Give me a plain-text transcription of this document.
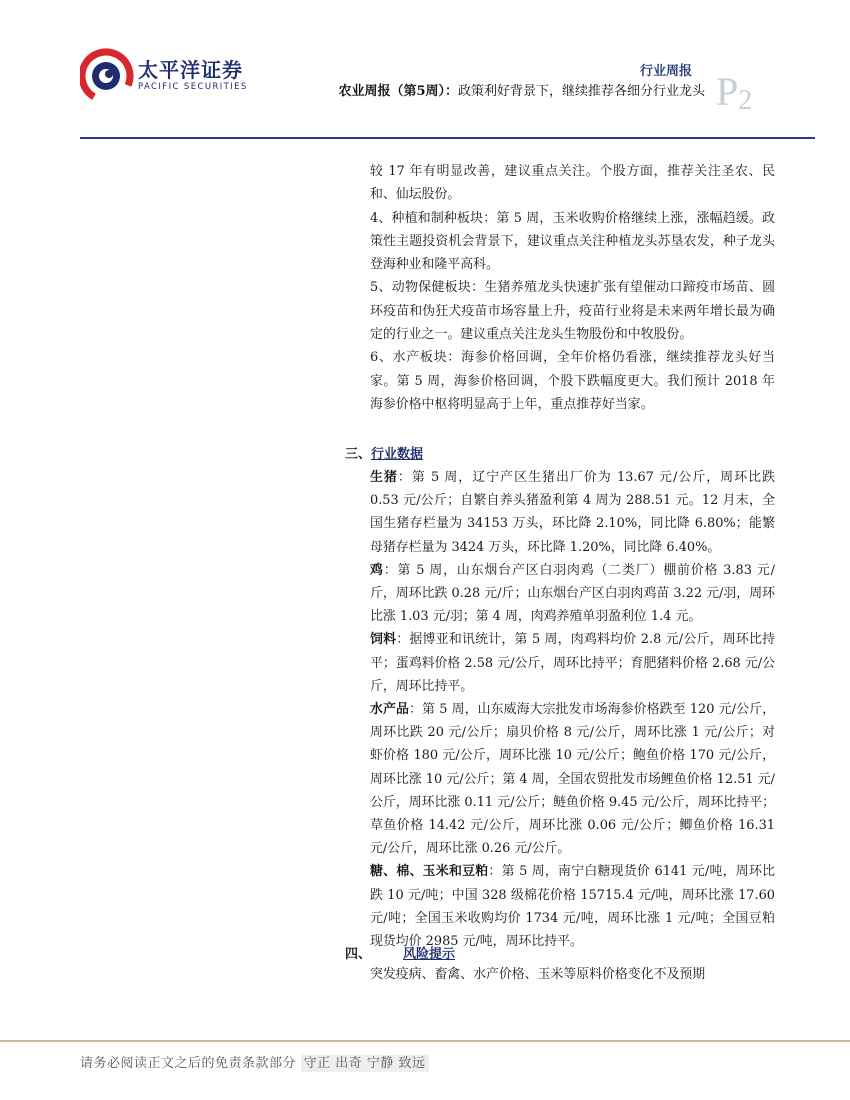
太平洋证券
PACIFIC SECURITIES
行业周报
农业周报（第5周）：政策利好背景下，继续推荐各细分行业龙头 $P_2$

较 17 年有明显改善，建议重点关注。个股方面，推荐关注圣农、民和、仙坛股份。

4、种植和制种板块：第 5 周，玉米收购价格继续上涨，涨幅趋缓。政策性主题投资机会背景下，建议重点关注种植龙头苏垦农发，种子龙头登海种业和隆平高科。

5、动物保健板块：生猪养殖龙头快速扩张有望催动口蹄疫市场苗、圆环疫苗和伪狂犬疫苗市场容量上升，疫苗行业将是未来两年增长最为确定的行业之一。建议重点关注龙头生物股份和中牧股份。

6、水产板块：海参价格回调，全年价格仍看涨，继续推荐龙头好当家。第 5 周，海参价格回调，个股下跌幅度更大。我们预计 2018 年海参价格中枢将明显高于上年，重点推荐好当家。

三、行业数据

生猪：第 5 周，辽宁产区生猪出厂价为 13.67 元/公斤，周环比跌 0.53 元/公斤；自繁自养头猪盈利第 4 周为 288.51 元。12 月末，全国生猪存栏量为 34153 万头，环比降 2.10%，同比降 6.80%；能繁母猪存栏量为 3424 万头，环比降 1.20%，同比降 6.40%。

鸡：第 5 周，山东烟台产区白羽肉鸡（二类厂）棚前价格 3.83 元/斤，周环比跌 0.28 元/斤；山东烟台产区白羽肉鸡苗 3.22 元/羽，周环比涨 1.03 元/羽；第 4 周，肉鸡养殖单羽盈利位 1.4 元。

饲料：据博亚和讯统计，第 5 周，肉鸡料均价 2.8 元/公斤，周环比持平；蛋鸡料价格 2.58 元/公斤，周环比持平；育肥猪料价格 2.68 元/公斤，周环比持平。

水产品：第 5 周，山东威海大宗批发市场海参价格跌至 120 元/公斤，周环比跌 20 元/公斤；扇贝价格 8 元/公斤，周环比涨 1 元/公斤；对虾价格 180 元/公斤，周环比涨 10 元/公斤；鲍鱼价格 170 元/公斤，周环比涨 10 元/公斤；第 4 周，全国农贸批发市场鲤鱼价格 12.51 元/公斤，周环比涨 0.11 元/公斤；鲢鱼价格 9.45 元/公斤，周环比持平；草鱼价格 14.42 元/公斤，周环比涨 0.06 元/公斤；鲫鱼价格 16.31 元/公斤，周环比涨 0.26 元/公斤。

糖、棉、玉米和豆粕：第 5 周，南宁白糖现货价 6141 元/吨，周环比跌 10 元/吨；中国 328 级棉花价格 15715.4 元/吨，周环比涨 17.60 元/吨；全国玉米收购均价 1734 元/吨，周环比涨 1 元/吨；全国豆粕现货均价 2985 元/吨，周环比持平。

四、 风险提示
突发疫病、畜禽、水产价格、玉米等原料价格变化不及预期
请务必阅读正文之后的免责条款部分 守正 出奇 宁静 致远
